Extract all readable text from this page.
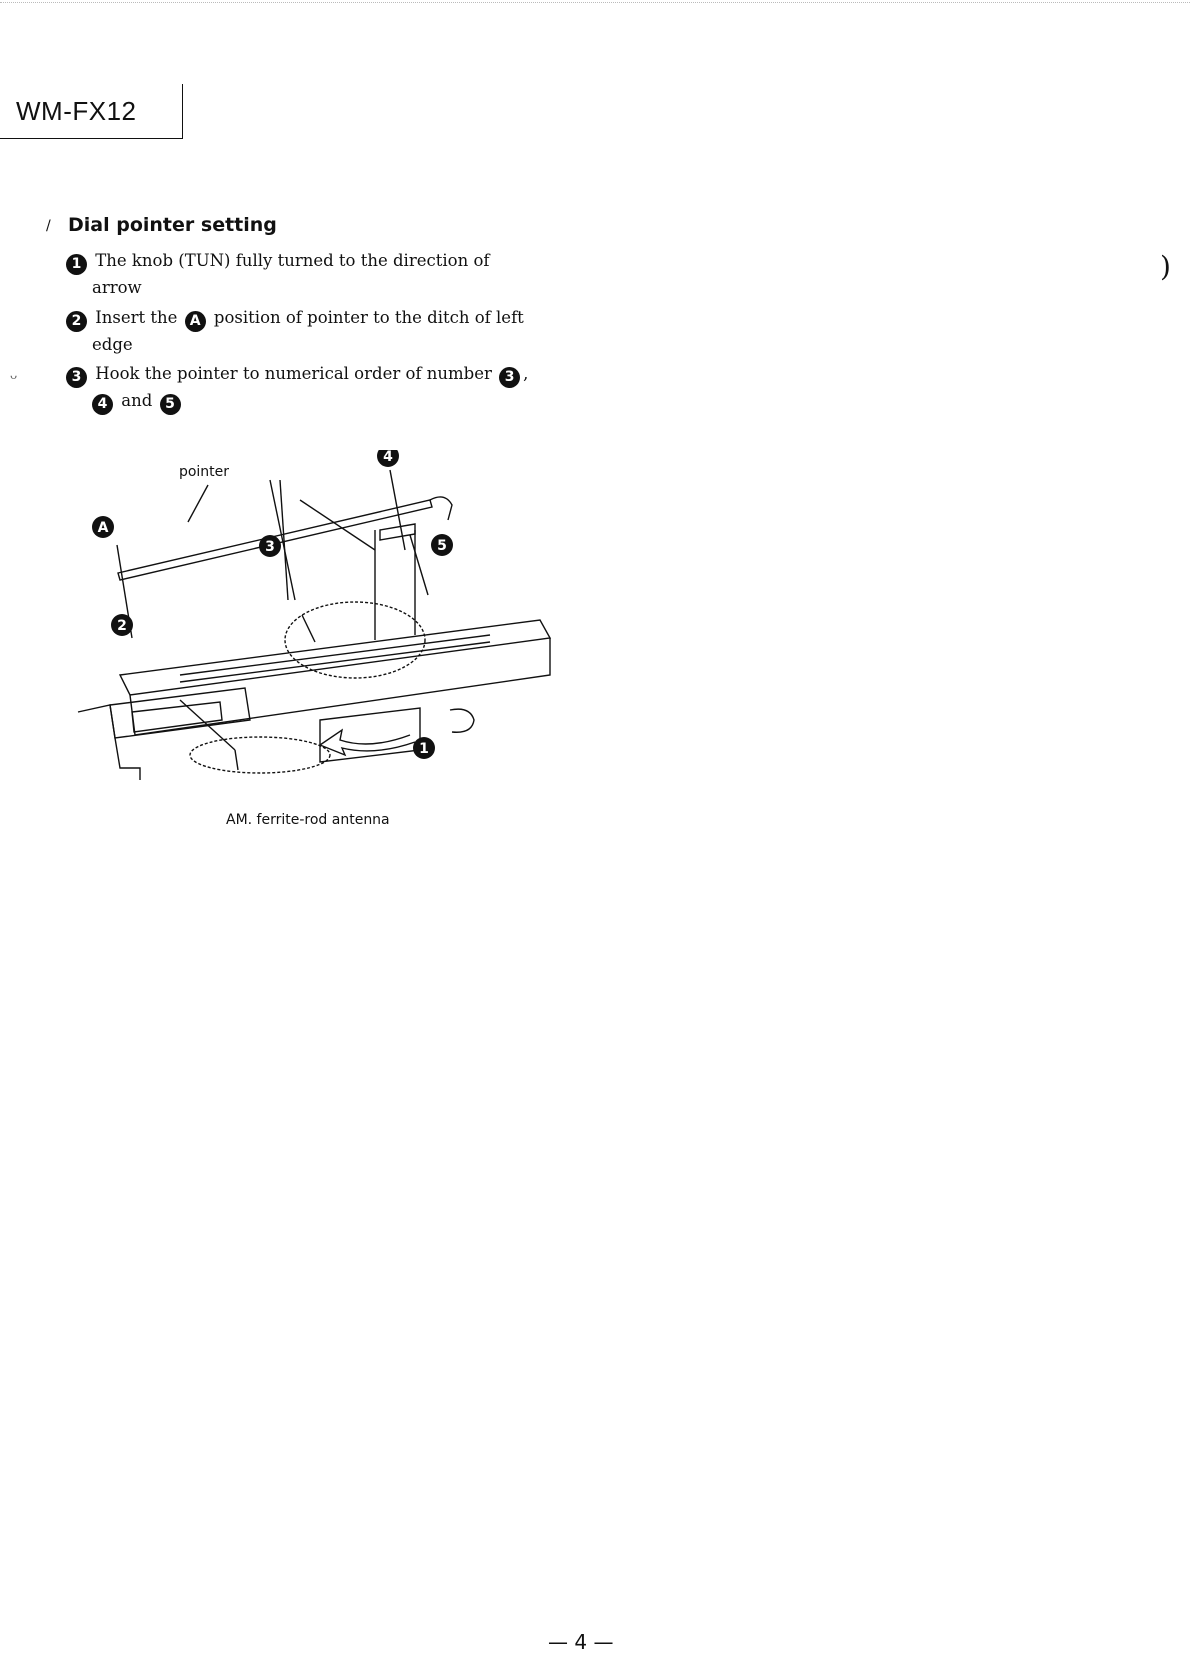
WM-FX12
/ Dial pointer setting
1 The knob (TUN) fully turned to the direction of
arrow
2 Insert the A position of pointer to the ditch of left
edge
3 Hook the pointer to numerical order of number 3 ,
4 and 5
A
2
3
4
5
1
pointer
AM. ferrite-rod antenna
— 4 —
ᴗ
)
